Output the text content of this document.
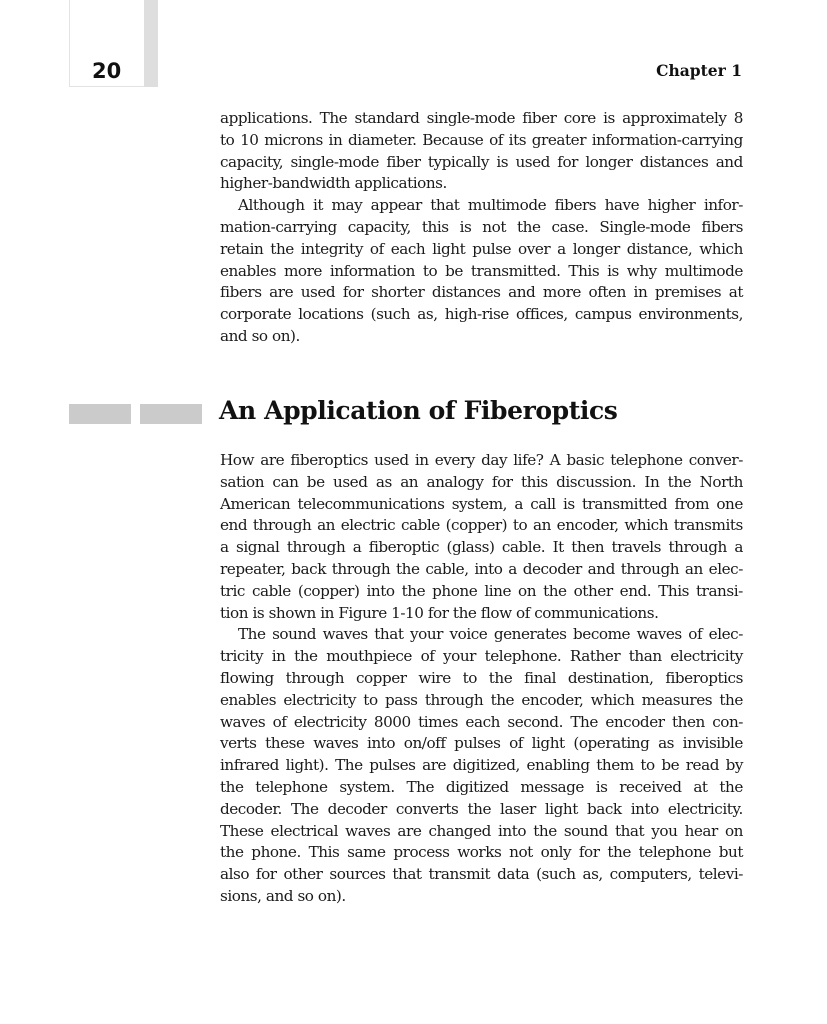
20	Chapter 1
applications. The standard single-mode fiber core is approximately 8
to 10 microns in diameter. Because of its greater information-carrying
capacity, single-mode fiber typically is used for longer distances and
higher-bandwidth applications.
Although it may appear that multimode fibers have higher infor-
mation-carrying capacity, this is not the case. Single-mode fibers
retain the integrity of each light pulse over a longer distance, which
enables more information to be transmitted. This is why multimode
fibers are used for shorter distances and more often in premises at
corporate locations (such as, high-rise offices, campus environments,
and so on).
An Application of Fiberoptics
How are fiberoptics used in every day life? A basic telephone conver-
sation can be used as an analogy for this discussion. In the North
American telecommunications system, a call is transmitted from one
end through an electric cable (copper) to an encoder, which transmits
a signal through a fiberoptic (glass) cable. It then travels through a
repeater, back through the cable, into a decoder and through an elec-
tric cable (copper) into the phone line on the other end. This transi-
tion is shown in Figure 1-10 for the flow of communications.
The sound waves that your voice generates become waves of elec-
tricity in the mouthpiece of your telephone. Rather than electricity
flowing through copper wire to the final destination, fiberoptics
enables electricity to pass through the encoder, which measures the
waves of electricity 8000 times each second. The encoder then con-
verts these waves into on/off pulses of light (operating as invisible
infrared light). The pulses are digitized, enabling them to be read by
the telephone system. The digitized message is received at the
decoder. The decoder converts the laser light back into electricity.
These electrical waves are changed into the sound that you hear on
the phone. This same process works not only for the telephone but
also for other sources that transmit data (such as, computers, televi-
sions, and so on).
